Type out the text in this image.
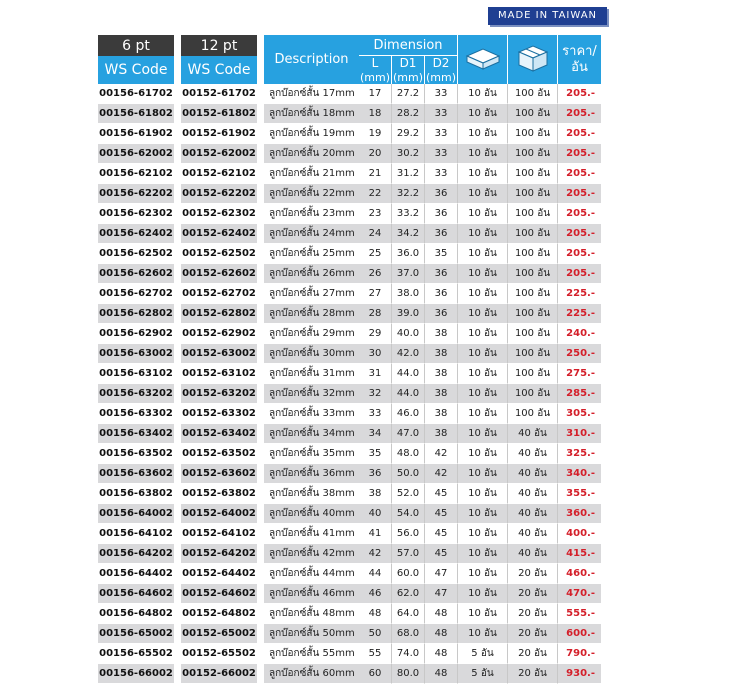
MADE IN TAIWAN
6 pt		12 pt		Description	Dimension					ราคา/
อัน

WS Code		WS Code			L	D1	D2			
					(mm)	(mm)	(mm)			
00156-61702		00152-61702		ลูกบ๊อกซ์สั้น 17mm	17	27.2	33	10 อัน	100 อัน	205.-
00156-61802		00152-61802		ลูกบ๊อกซ์สั้น 18mm	18	28.2	33	10 อัน	100 อัน	205.-
00156-61902		00152-61902		ลูกบ๊อกซ์สั้น 19mm	19	29.2	33	10 อัน	100 อัน	205.-
00156-62002		00152-62002		ลูกบ๊อกซ์สั้น 20mm	20	30.2	33	10 อัน	100 อัน	205.-
00156-62102		00152-62102		ลูกบ๊อกซ์สั้น 21mm	21	31.2	33	10 อัน	100 อัน	205.-
00156-62202		00152-62202		ลูกบ๊อกซ์สั้น 22mm	22	32.2	36	10 อัน	100 อัน	205.-
00156-62302		00152-62302		ลูกบ๊อกซ์สั้น 23mm	23	33.2	36	10 อัน	100 อัน	205.-
00156-62402		00152-62402		ลูกบ๊อกซ์สั้น 24mm	24	34.2	36	10 อัน	100 อัน	205.-
00156-62502		00152-62502		ลูกบ๊อกซ์สั้น 25mm	25	36.0	35	10 อัน	100 อัน	205.-
00156-62602		00152-62602		ลูกบ๊อกซ์สั้น 26mm	26	37.0	36	10 อัน	100 อัน	205.-
00156-62702		00152-62702		ลูกบ๊อกซ์สั้น 27mm	27	38.0	36	10 อัน	100 อัน	225.-
00156-62802		00152-62802		ลูกบ๊อกซ์สั้น 28mm	28	39.0	36	10 อัน	100 อัน	225.-
00156-62902		00152-62902		ลูกบ๊อกซ์สั้น 29mm	29	40.0	38	10 อัน	100 อัน	240.-
00156-63002		00152-63002		ลูกบ๊อกซ์สั้น 30mm	30	42.0	38	10 อัน	100 อัน	250.-
00156-63102		00152-63102		ลูกบ๊อกซ์สั้น 31mm	31	44.0	38	10 อัน	100 อัน	275.-
00156-63202		00152-63202		ลูกบ๊อกซ์สั้น 32mm	32	44.0	38	10 อัน	100 อัน	285.-
00156-63302		00152-63302		ลูกบ๊อกซ์สั้น 33mm	33	46.0	38	10 อัน	100 อัน	305.-
00156-63402		00152-63402		ลูกบ๊อกซ์สั้น 34mm	34	47.0	38	10 อัน	40 อัน	310.-
00156-63502		00152-63502		ลูกบ๊อกซ์สั้น 35mm	35	48.0	42	10 อัน	40 อัน	325.-
00156-63602		00152-63602		ลูกบ๊อกซ์สั้น 36mm	36	50.0	42	10 อัน	40 อัน	340.-
00156-63802		00152-63802		ลูกบ๊อกซ์สั้น 38mm	38	52.0	45	10 อัน	40 อัน	355.-
00156-64002		00152-64002		ลูกบ๊อกซ์สั้น 40mm	40	54.0	45	10 อัน	40 อัน	360.-
00156-64102		00152-64102		ลูกบ๊อกซ์สั้น 41mm	41	56.0	45	10 อัน	40 อัน	400.-
00156-64202		00152-64202		ลูกบ๊อกซ์สั้น 42mm	42	57.0	45	10 อัน	40 อัน	415.-
00156-64402		00152-64402		ลูกบ๊อกซ์สั้น 44mm	44	60.0	47	10 อัน	20 อัน	460.-
00156-64602		00152-64602		ลูกบ๊อกซ์สั้น 46mm	46	62.0	47	10 อัน	20 อัน	470.-
00156-64802		00152-64802		ลูกบ๊อกซ์สั้น 48mm	48	64.0	48	10 อัน	20 อัน	555.-
00156-65002		00152-65002		ลูกบ๊อกซ์สั้น 50mm	50	68.0	48	10 อัน	20 อัน	600.-
00156-65502		00152-65502		ลูกบ๊อกซ์สั้น 55mm	55	74.0	48	5 อัน	20 อัน	790.-
00156-66002		00152-66002		ลูกบ๊อกซ์สั้น 60mm	60	80.0	48	5 อัน	20 อัน	930.-
